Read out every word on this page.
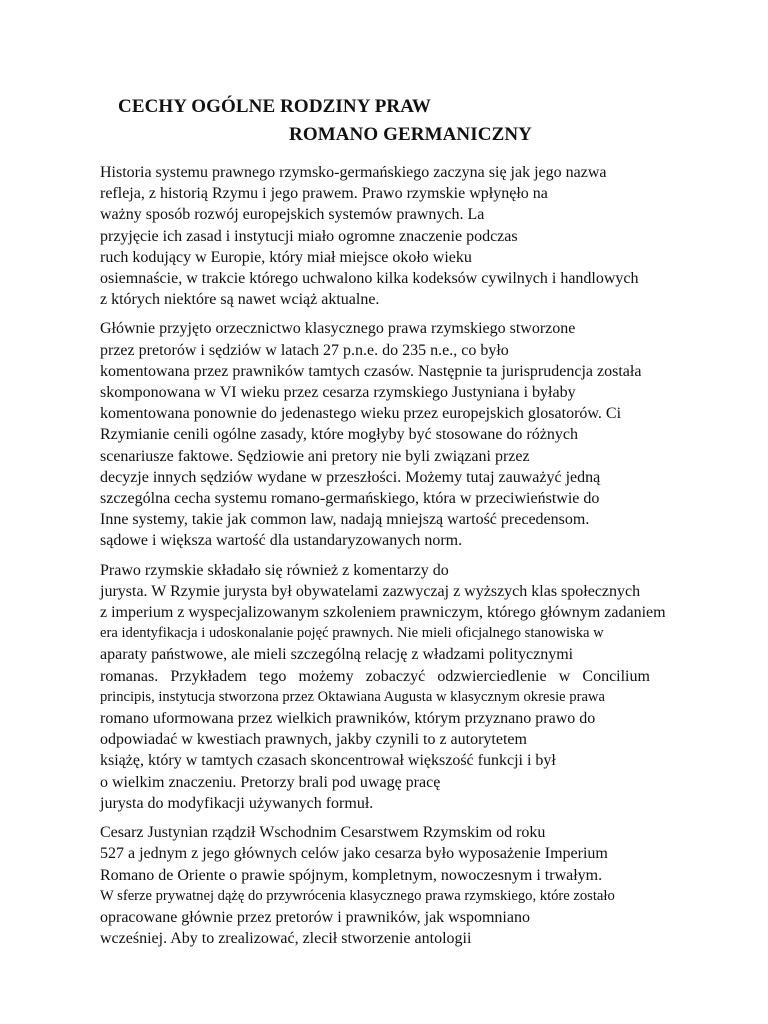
CECHY OGÓLNE RODZINY PRAW
ROMANO GERMANICZNY

Historia systemu prawnego rzymsko-germańskiego zaczyna się jak jego nazwa
refleja, z historią Rzymu i jego prawem. Prawo rzymskie wpłynęło na
ważny sposób rozwój europejskich systemów prawnych. La
przyjęcie ich zasad i instytucji miało ogromne znaczenie podczas
ruch kodujący w Europie, który miał miejsce około wieku
osiemnaście, w trakcie którego uchwalono kilka kodeksów cywilnych i handlowych
z których niektóre są nawet wciąż aktualne.

Głównie przyjęto orzecznictwo klasycznego prawa rzymskiego stworzone
przez pretorów i sędziów w latach 27 p.n.e. do 235 n.e., co było
komentowana przez prawników tamtych czasów. Następnie ta jurisprudencja została
skomponowana w VI wieku przez cesarza rzymskiego Justyniana i byłaby
komentowana ponownie do jedenastego wieku przez europejskich glosatorów. Ci
Rzymianie cenili ogólne zasady, które mogłyby być stosowane do różnych
scenariusze faktowe. Sędziowie ani pretory nie byli związani przez
decyzje innych sędziów wydane w przeszłości. Możemy tutaj zauważyć jedną
szczególna cecha systemu romano-germańskiego, która w przeciwieństwie do
Inne systemy, takie jak common law, nadają mniejszą wartość precedensom.
sądowe i większa wartość dla ustandaryzowanych norm.

Prawo rzymskie składało się również z komentarzy do
jurysta. W Rzymie jurysta był obywatelami zazwyczaj z wyższych klas społecznych
z imperium z wyspecjalizowanym szkoleniem prawniczym, którego głównym zadaniem
era identyfikacja i udoskonalanie pojęć prawnych. Nie mieli oficjalnego stanowiska w
aparaty państwowe, ale mieli szczególną relację z władzami politycznymi
romanas. Przykładem tego możemy zobaczyć odzwierciedlenie w Concilium
principis, instytucja stworzona przez Oktawiana Augusta w klasycznym okresie prawa
romano uformowana przez wielkich prawników, którym przyznano prawo do
odpowiadać w kwestiach prawnych, jakby czynili to z autorytetem
książę, który w tamtych czasach skoncentrował większość funkcji i był
o wielkim znaczeniu. Pretorzy brali pod uwagę pracę
jurysta do modyfikacji używanych formuł.

Cesarz Justynian rządził Wschodnim Cesarstwem Rzymskim od roku
527 a jednym z jego głównych celów jako cesarza było wyposażenie Imperium
Romano de Oriente o prawie spójnym, kompletnym, nowoczesnym i trwałym.
W sferze prywatnej dążę do przywrócenia klasycznego prawa rzymskiego, które zostało
opracowane głównie przez pretorów i prawników, jak wspomniano
wcześniej. Aby to zrealizować, zlecił stworzenie antologii
